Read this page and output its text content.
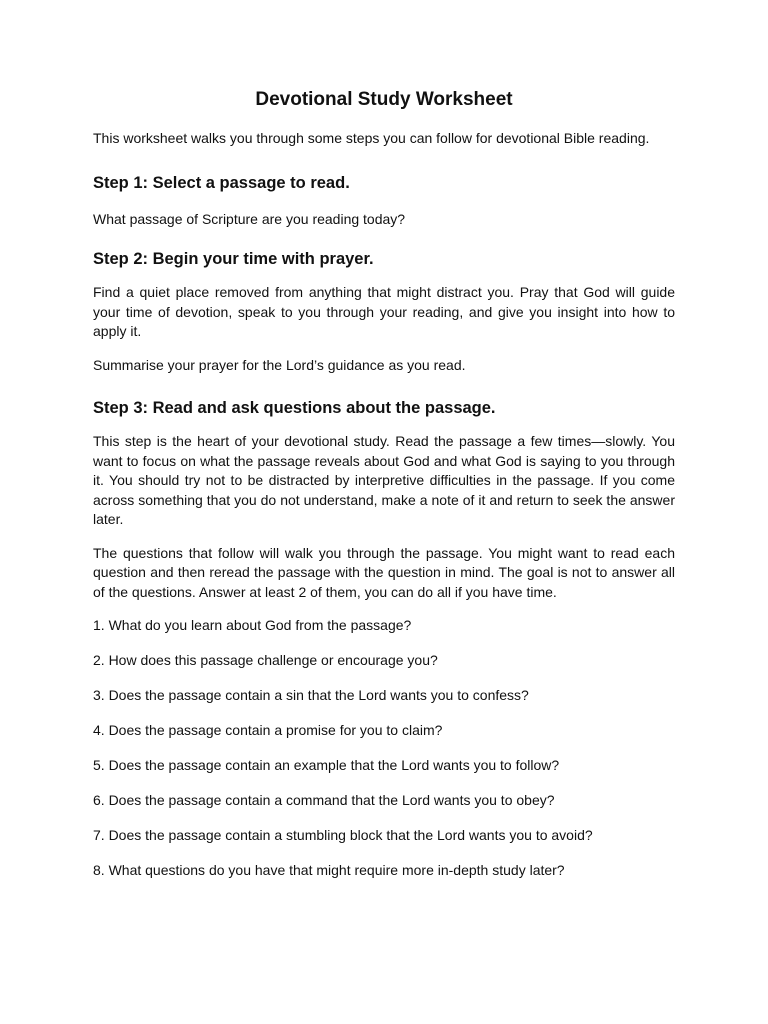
Devotional Study Worksheet

This worksheet walks you through some steps you can follow for devotional Bible reading.

Step 1: Select a passage to read.

What passage of Scripture are you reading today?

Step 2: Begin your time with prayer.

Find a quiet place removed from anything that might distract you. Pray that God will guide your time of devotion, speak to you through your reading, and give you insight into how to apply it.

Summarise your prayer for the Lord’s guidance as you read.

Step 3: Read and ask questions about the passage.

This step is the heart of your devotional study. Read the passage a few times—slowly. You want to focus on what the passage reveals about God and what God is saying to you through it. You should try not to be distracted by interpretive difficulties in the passage. If you come across something that you do not understand, make a note of it and return to seek the answer later.

The questions that follow will walk you through the passage. You might want to read each question and then reread the passage with the question in mind. The goal is not to answer all of the questions. Answer at least 2 of them, you can do all if you have time.

1. What do you learn about God from the passage?

2. How does this passage challenge or encourage you?

3. Does the passage contain a sin that the Lord wants you to confess?

4. Does the passage contain a promise for you to claim?

5. Does the passage contain an example that the Lord wants you to follow?

6. Does the passage contain a command that the Lord wants you to obey?

7. Does the passage contain a stumbling block that the Lord wants you to avoid?

8. What questions do you have that might require more in-depth study later?
